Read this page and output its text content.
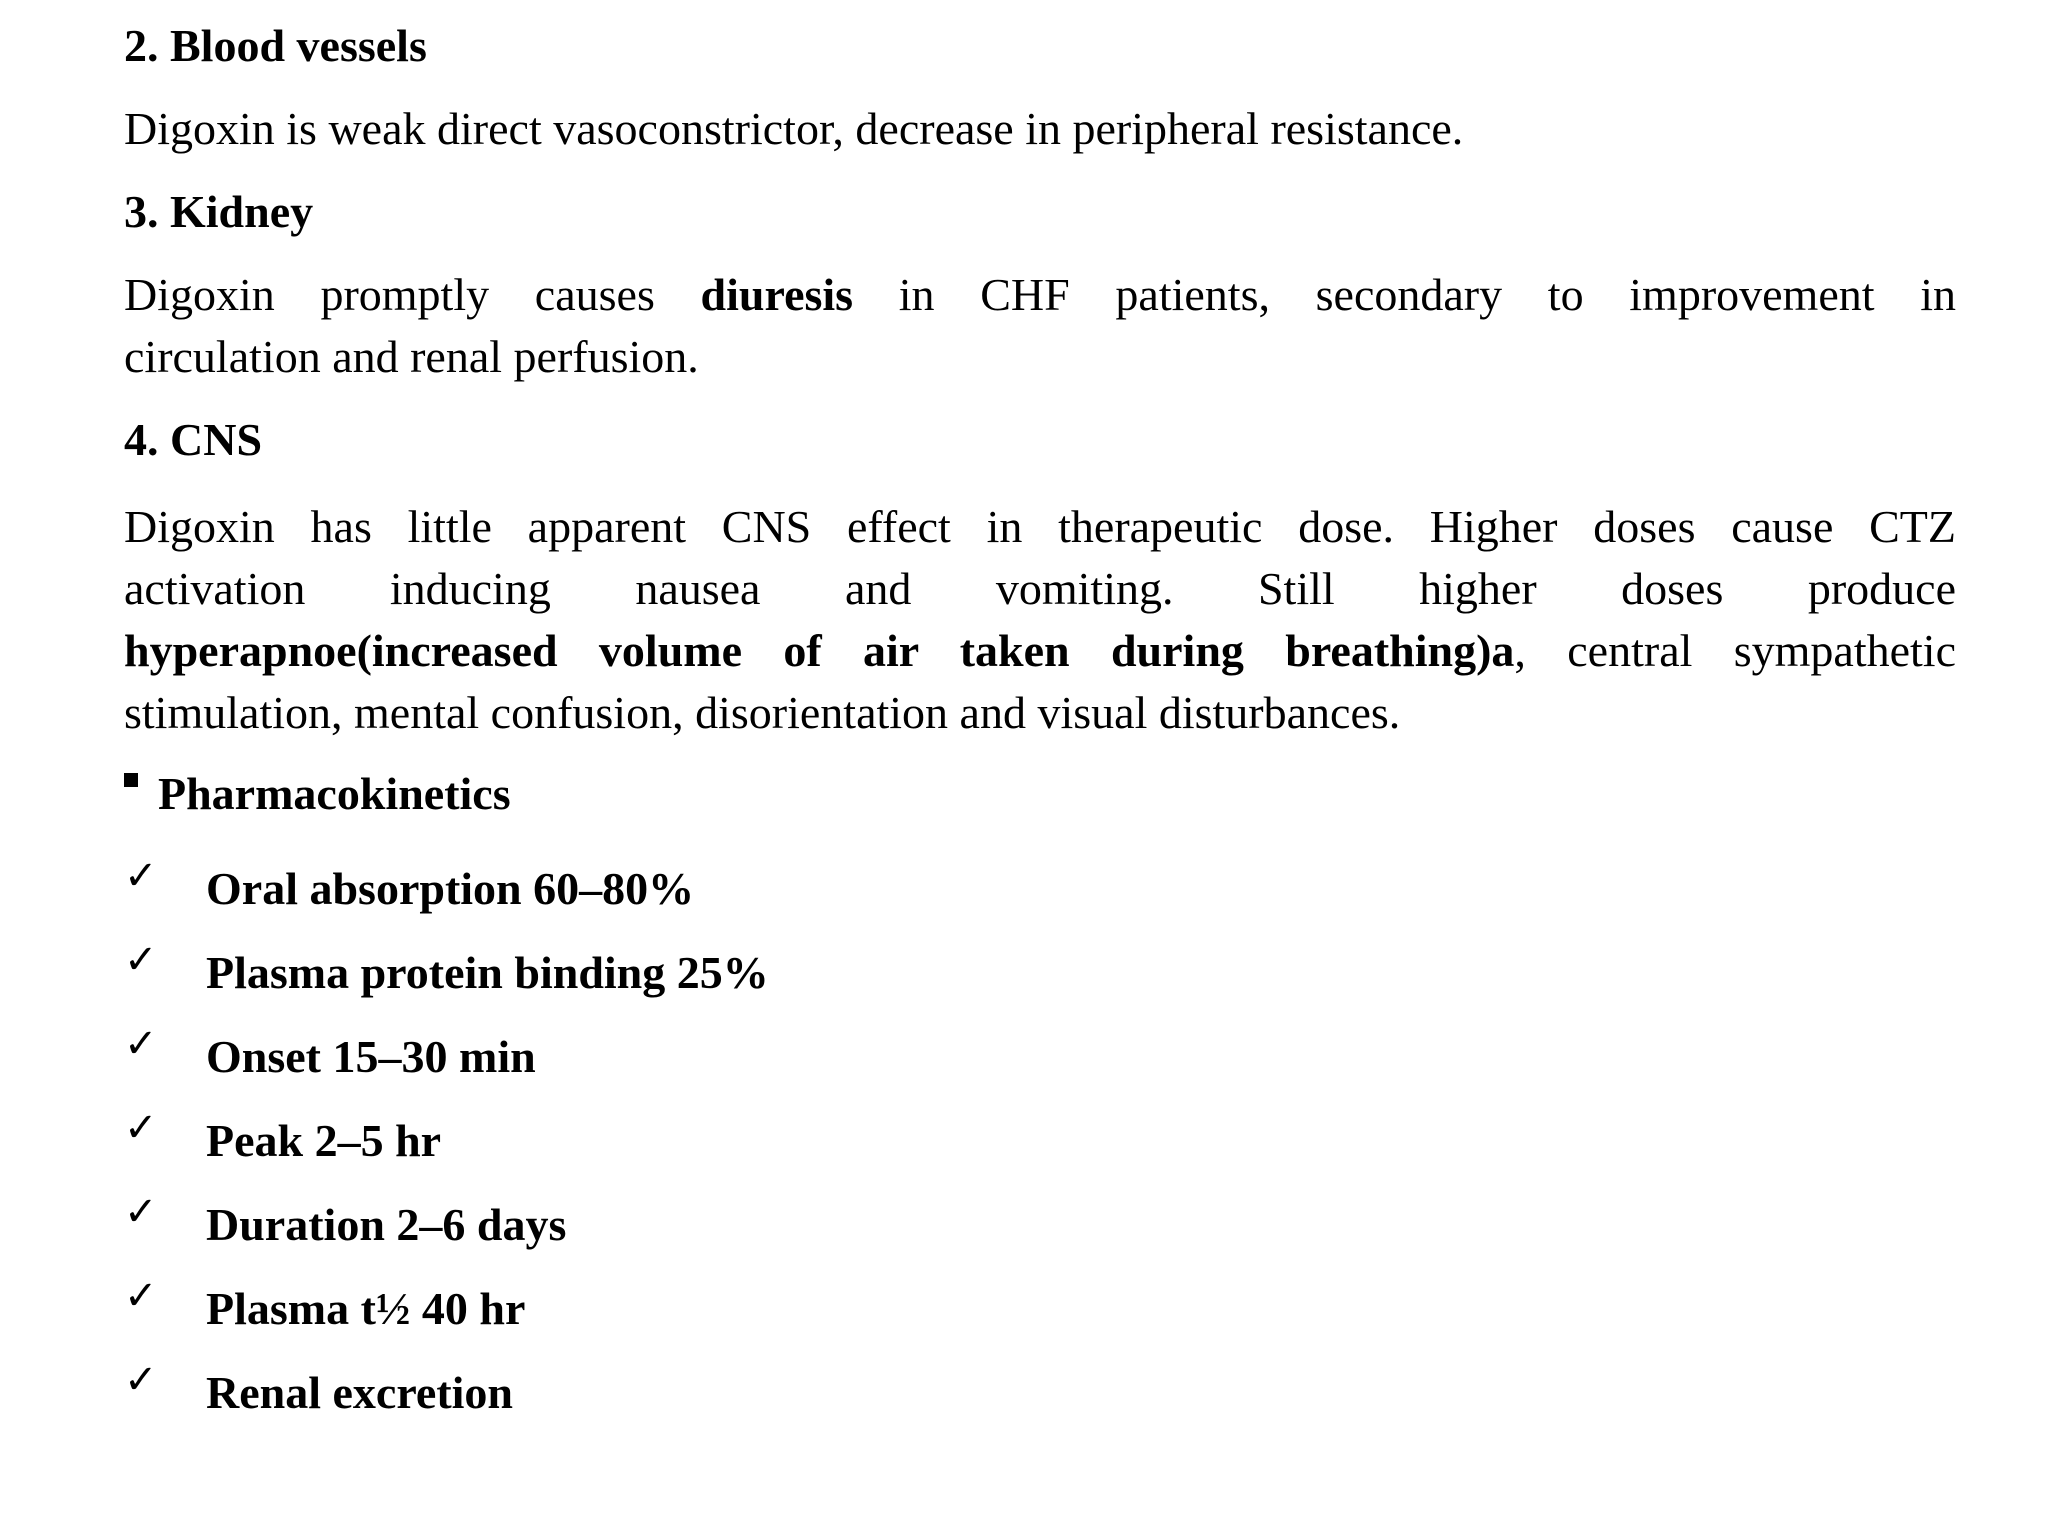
2. Blood vessels

Digoxin is weak direct vasoconstrictor, decrease in peripheral resistance.

3. Kidney
Digoxin promptly causes diuresis in CHF patients, secondary to improvement in
circulation and renal perfusion.
4. CNS
Digoxin has little apparent CNS effect in therapeutic dose. Higher doses cause CTZ
activation inducing nausea and vomiting. Still higher doses produce
hyperapnoe(increased volume of air taken during breathing)a, central sympathetic
stimulation, mental confusion, disorientation and visual disturbances.
Pharmacokinetics
✓	Oral absorption 60–80%
✓	Plasma protein binding 25%
✓	Onset 15–30 min
✓	Peak 2–5 hr
✓	Duration 2–6 days
✓	Plasma t½ 40 hr
✓	Renal excretion
